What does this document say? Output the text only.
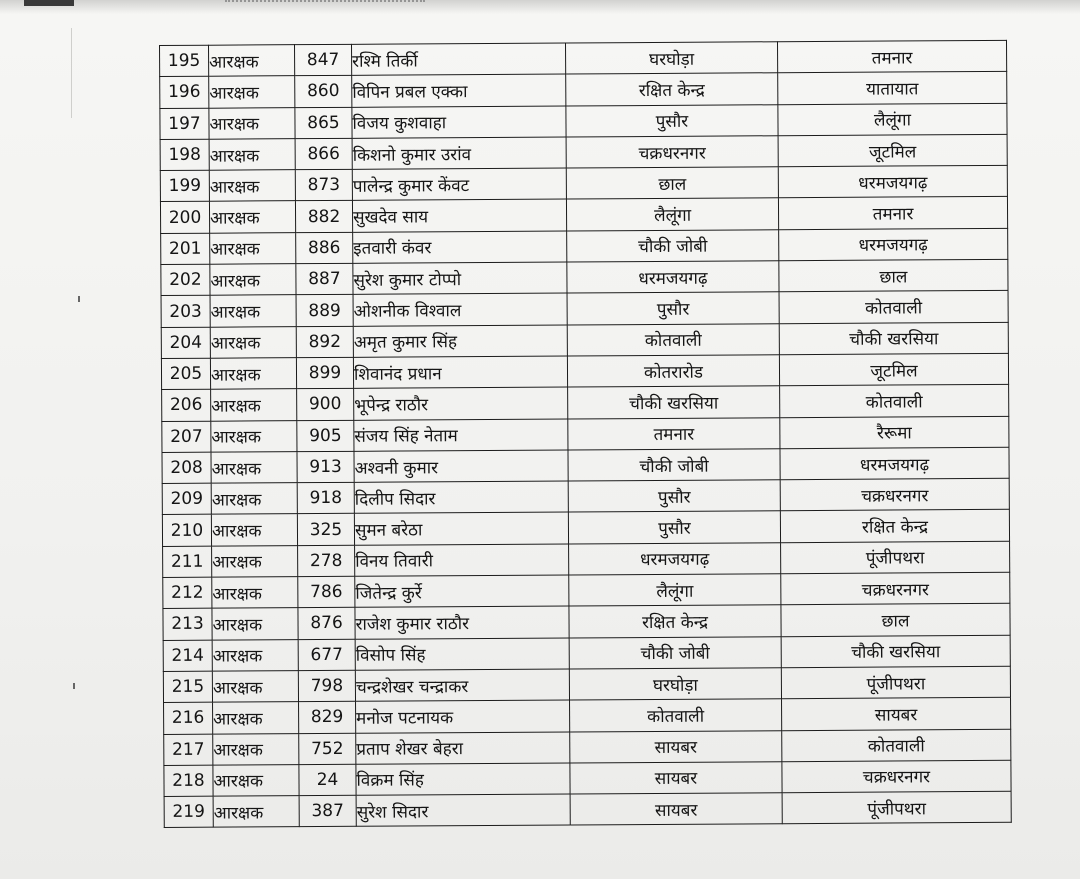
195	आरक्षक	847	रश्मि तिर्की	घरघोड़ा	तमनार
196	आरक्षक	860	विपिन प्रबल एक्का	रक्षित केन्द्र	यातायात
197	आरक्षक	865	विजय कुशवाहा	पुसौर	लैलूंगा
198	आरक्षक	866	किशनो कुमार उरांव	चक्रधरनगर	जूटमिल
199	आरक्षक	873	पालेन्द्र कुमार केंवट	छाल	धरमजयगढ़
200	आरक्षक	882	सुखदेव साय	लैलूंगा	तमनार
201	आरक्षक	886	इतवारी कंवर	चौकी जोबी	धरमजयगढ़
202	आरक्षक	887	सुरेश कुमार टोप्पो	धरमजयगढ़	छाल
203	आरक्षक	889	ओशनीक विश्वाल	पुसौर	कोतवाली
204	आरक्षक	892	अमृत कुमार सिंह	कोतवाली	चौकी खरसिया
205	आरक्षक	899	शिवानंद प्रधान	कोतरारोड	जूटमिल
206	आरक्षक	900	भूपेन्द्र राठौर	चौकी खरसिया	कोतवाली
207	आरक्षक	905	संजय सिंह नेताम	तमनार	रैरूमा
208	आरक्षक	913	अश्वनी कुमार	चौकी जोबी	धरमजयगढ़
209	आरक्षक	918	दिलीप सिदार	पुसौर	चक्रधरनगर
210	आरक्षक	325	सुमन बरेठा	पुसौर	रक्षित केन्द्र
211	आरक्षक	278	विनय तिवारी	धरमजयगढ़	पूंजीपथरा
212	आरक्षक	786	जितेन्द्र कुर्रे	लैलूंगा	चक्रधरनगर
213	आरक्षक	876	राजेश कुमार राठौर	रक्षित केन्द्र	छाल
214	आरक्षक	677	विसोप सिंह	चौकी जोबी	चौकी खरसिया
215	आरक्षक	798	चन्द्रशेखर चन्द्राकर	घरघोड़ा	पूंजीपथरा
216	आरक्षक	829	मनोज पटनायक	कोतवाली	सायबर
217	आरक्षक	752	प्रताप शेखर बेहरा	सायबर	कोतवाली
218	आरक्षक	24	विक्रम सिंह	सायबर	चक्रधरनगर
219	आरक्षक	387	सुरेश सिदार	सायबर	पूंजीपथरा
